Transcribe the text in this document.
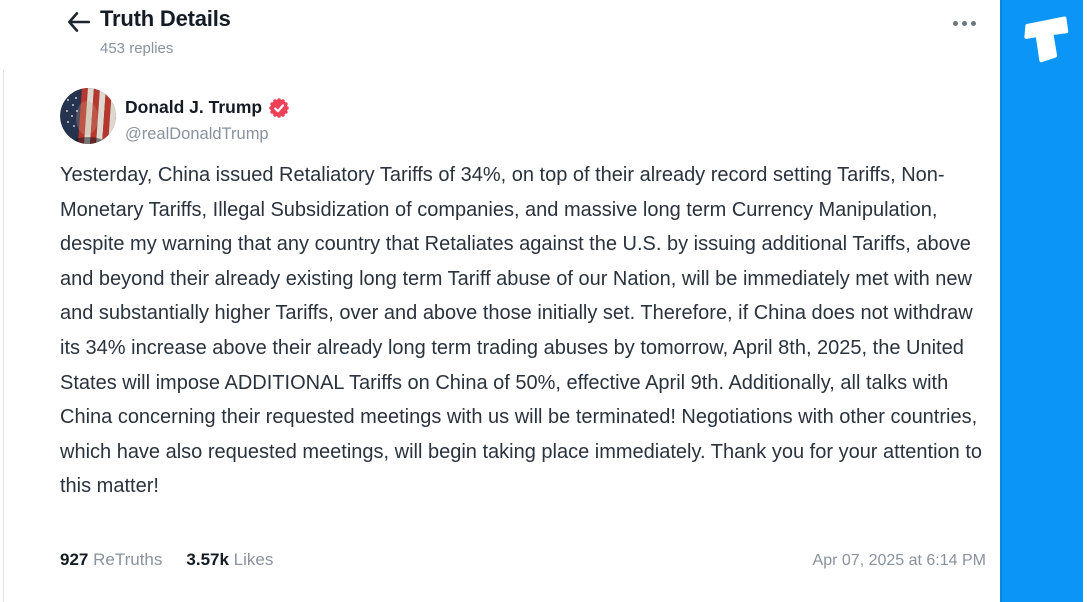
Truth Details
453 replies
Donald J. Trump
@realDonaldTrump
Yesterday, China issued Retaliatory Tariffs of 34%, on top of their already record setting Tariffs, Non-Monetary Tariffs, Illegal Subsidization of companies, and massive long term Currency Manipulation, despite my warning that any country that Retaliates against the U.S. by issuing additional Tariffs, above and beyond their already existing long term Tariff abuse of our Nation, will be immediately met with new and substantially higher Tariffs, over and above those initially set. Therefore, if China does not withdraw its 34% increase above their already long term trading abuses by tomorrow, April 8th, 2025, the United States will impose ADDITIONAL Tariffs on China of 50%, effective April 9th. Additionally, all talks with China concerning their requested meetings with us will be terminated! Negotiations with other countries, which have also requested meetings, will begin taking place immediately. Thank you for your attention to this matter!
927 ReTruths 3.57k Likes	Apr 07, 2025 at 6:14 PM
